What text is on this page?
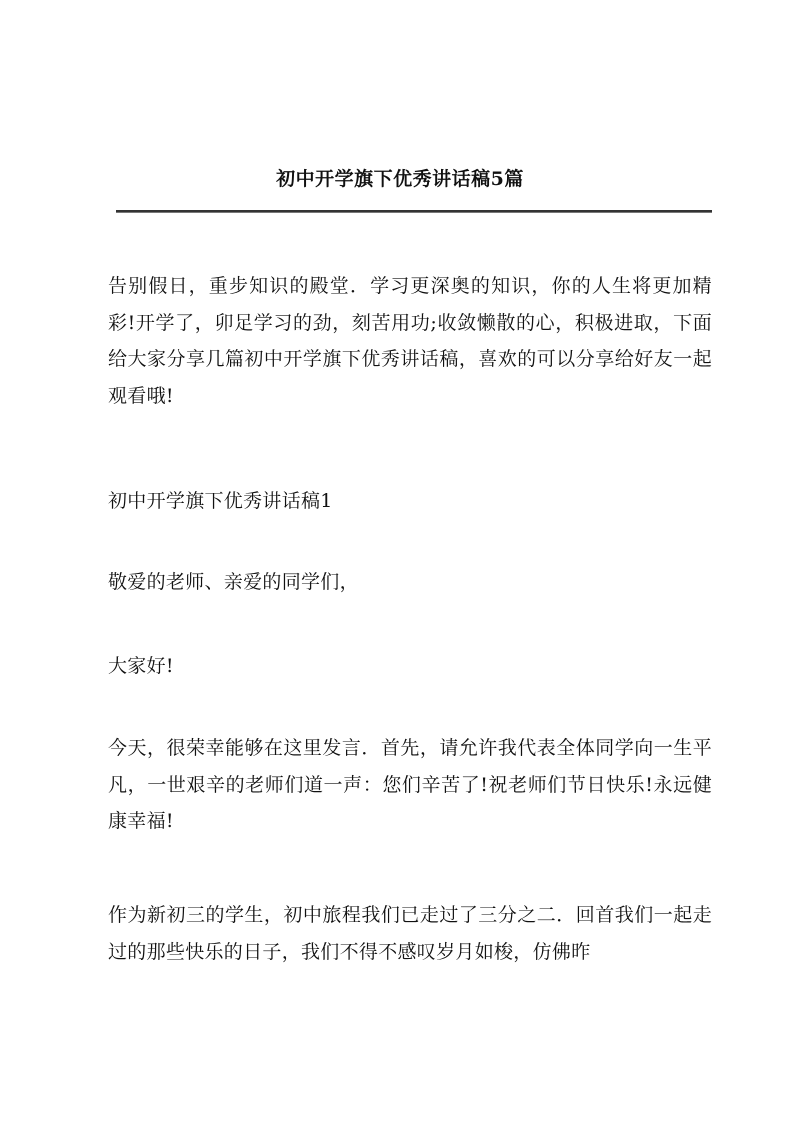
初中开学旗下优秀讲话稿5篇

告别假日，重步知识的殿堂．学习更深奥的知识，你的人生将更加精彩!开学了，卯足学习的劲，刻苦用功;收敛懒散的心，积极进取，下面给大家分享几篇初中开学旗下优秀讲话稿，喜欢的可以分享给好友一起观看哦!

初中开学旗下优秀讲话稿1

敬爱的老师、亲爱的同学们，

大家好!

今天，很荣幸能够在这里发言．首先，请允许我代表全体同学向一生平凡，一世艰辛的老师们道一声：您们辛苦了!祝老师们节日快乐!永远健康幸福!

作为新初三的学生，初中旅程我们已走过了三分之二．回首我们一起走过的那些快乐的日子，我们不得不感叹岁月如梭，仿佛昨
